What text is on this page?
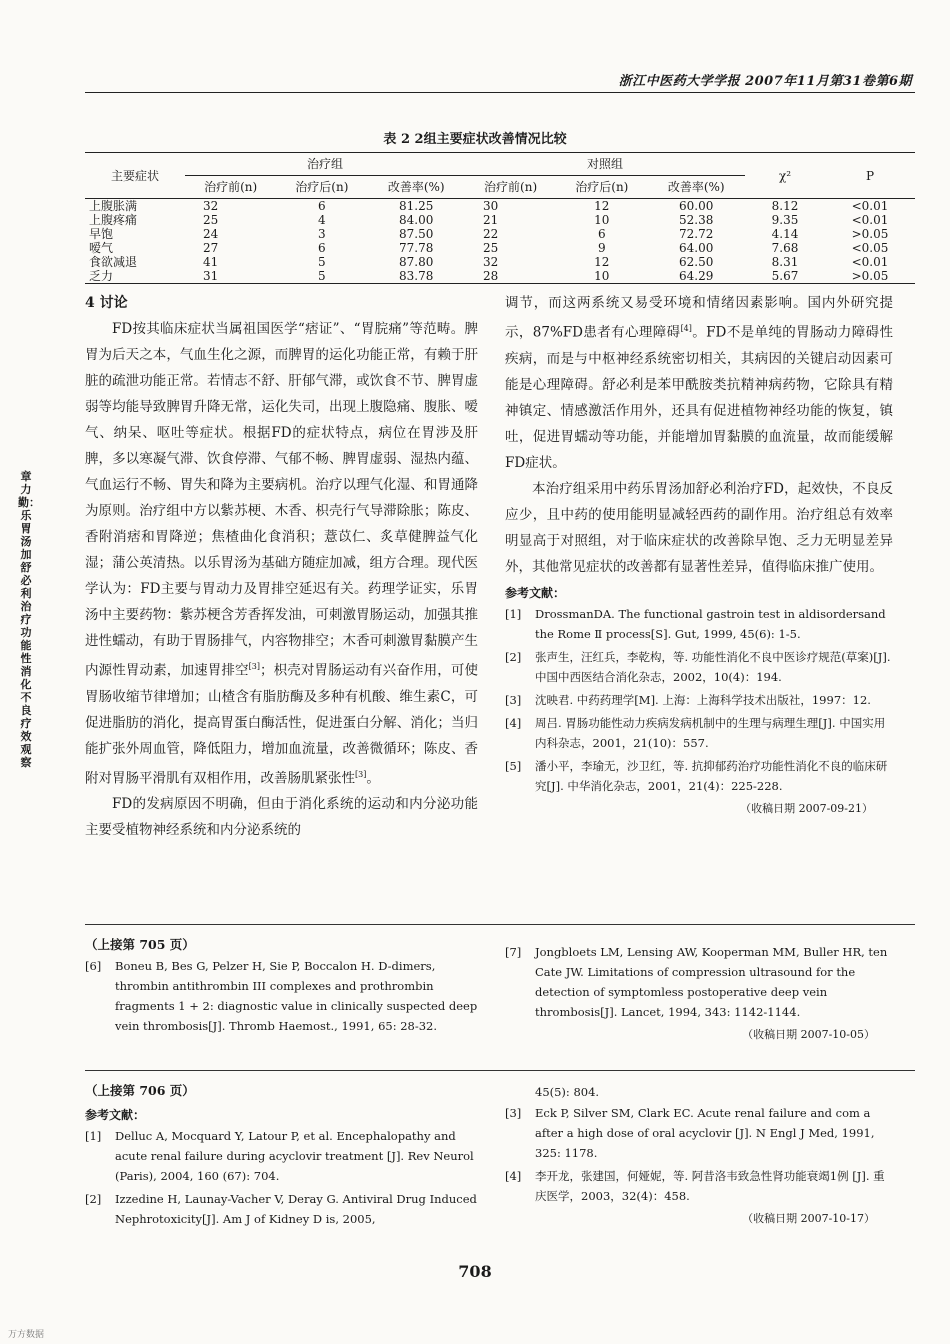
浙江中医药大学学报 2007年11月第31卷第6期
表 2 2组主要症状改善情况比较
主要症状	治疗组			对照组			χ²	P
	治疗前(n)	治疗后(n)	改善率(%)	治疗前(n)	治疗后(n)	改善率(%)		
上腹胀满	32	6	81.25	30	12	60.00	8.12	<0.01
上腹疼痛	25	4	84.00	21	10	52.38	9.35	<0.01
早饱	24	3	87.50	22	6	72.72	4.14	>0.05
嗳气	27	6	77.78	25	9	64.00	7.68	<0.05
食欲减退	41	5	87.80	32	12	62.50	8.31	<0.01
乏力	31	5	83.78	28	10	64.29	5.67	>0.05
4 讨论

FD按其临床症状当属祖国医学“痞证”、“胃脘痛”等范畴。脾胃为后天之本，气血生化之源，而脾胃的运化功能正常，有赖于肝脏的疏泄功能正常。若情志不舒、肝郁气滞，或饮食不节、脾胃虚弱等均能导致脾胃升降无常，运化失司，出现上腹隐痛、腹胀、嗳气、纳呆、呕吐等症状。根据FD的症状特点，病位在胃涉及肝脾，多以寒凝气滞、饮食停滞、气郁不畅、脾胃虚弱、湿热内蕴、气血运行不畅、胃失和降为主要病机。治疗以理气化湿、和胃通降为原则。治疗组中方以紫苏梗、木香、枳壳行气导滞除胀；陈皮、香附消痞和胃降逆；焦楂曲化食消积；薏苡仁、炙草健脾益气化湿；蒲公英清热。以乐胃汤为基础方随症加减，组方合理。现代医学认为：FD主要与胃动力及胃排空延迟有关。药理学证实，乐胃汤中主要药物：紫苏梗含芳香挥发油，可刺激胃肠运动，加强其推进性蠕动，有助于胃肠排气，内容物排空；木香可刺激胃黏膜产生内源性胃动素，加速胃排空[3]；枳壳对胃肠运动有兴奋作用，可使胃肠收缩节律增加；山楂含有脂肪酶及多种有机酸、维生素C，可促进脂肪的消化，提高胃蛋白酶活性，促进蛋白分解、消化；当归能扩张外周血管，降低阻力，增加血流量，改善微循环；陈皮、香附对胃肠平滑肌有双相作用，改善肠肌紧张性[3]。

FD的发病原因不明确，但由于消化系统的运动和内分泌功能主要受植物神经系统和内分泌系统的

调节，而这两系统又易受环境和情绪因素影响。国内外研究提示，87%FD患者有心理障碍[4]。FD不是单纯的胃肠动力障碍性疾病，而是与中枢神经系统密切相关，其病因的关键启动因素可能是心理障碍。舒必利是苯甲酰胺类抗精神病药物，它除具有精神镇定、情感激活作用外，还具有促进植物神经功能的恢复，镇吐，促进胃蠕动等功能，并能增加胃黏膜的血流量，故而能缓解FD症状。

本治疗组采用中药乐胃汤加舒必利治疗FD，起效快，不良反应少，且中药的使用能明显减轻西药的副作用。治疗组总有效率明显高于对照组，对于临床症状的改善除早饱、乏力无明显差异外，其他常见症状的改善都有显著性差异，值得临床推广使用。

参考文献：
[1]	DrossmanDA. The functional gastroin test in aldisordersand the Rome Ⅱ process[S]. Gut, 1999, 45(6): 1-5.
[2]	张声生，汪红兵，李乾构，等. 功能性消化不良中医诊疗规范(草案)[J]. 中国中西医结合消化杂志，2002，10(4)：194.
[3]	沈映君. 中药药理学[M]. 上海：上海科学技术出版社，1997：12.
[4]	周吕. 胃肠功能性动力疾病发病机制中的生理与病理生理[J]. 中国实用内科杂志，2001，21(10)：557.
[5]	潘小平，李瑜无，沙卫红，等. 抗抑郁药治疗功能性消化不良的临床研究[J]. 中华消化杂志，2001，21(4)：225-228.
（收稿日期 2007-09-21）
（上接第 705 页）
[6]	Boneu B, Bes G, Pelzer H, Sie P, Boccalon H. D-dimers, thrombin antithrombin III complexes and prothrombin fragments 1 + 2: diagnostic value in clinically suspected deep vein thrombosis[J]. Thromb Haemost., 1991, 65: 28-32.
[7]	Jongbloets LM, Lensing AW, Kooperman MM, Buller HR, ten Cate JW. Limitations of compression ultrasound for the detection of symptomless postoperative deep vein thrombosis[J]. Lancet, 1994, 343: 1142-1144.
（收稿日期 2007-10-05）
（上接第 706 页）
参考文献：
[1]	Delluc A, Mocquard Y, Latour P, et al. Encephalopathy and acute renal failure during acyclovir treatment [J]. Rev Neurol (Paris), 2004, 160 (67): 704.
[2]	Izzedine H, Launay-Vacher V, Deray G. Antiviral Drug Induced Nephrotoxicity[J]. Am J of Kidney D is, 2005,
45(5): 804.
[3]	Eck P, Silver SM, Clark EC. Acute renal failure and com a after a high dose of oral acyclovir [J]. N Engl J Med, 1991, 325: 1178.
[4]	李开龙，张建国，何娅妮，等. 阿昔洛韦致急性肾功能衰竭1例 [J]. 重庆医学，2003，32(4)：458.
（收稿日期 2007-10-17）
章力勤：乐胃汤加舒必利治疗功能性消化不良疗效观察
708
万方数据
